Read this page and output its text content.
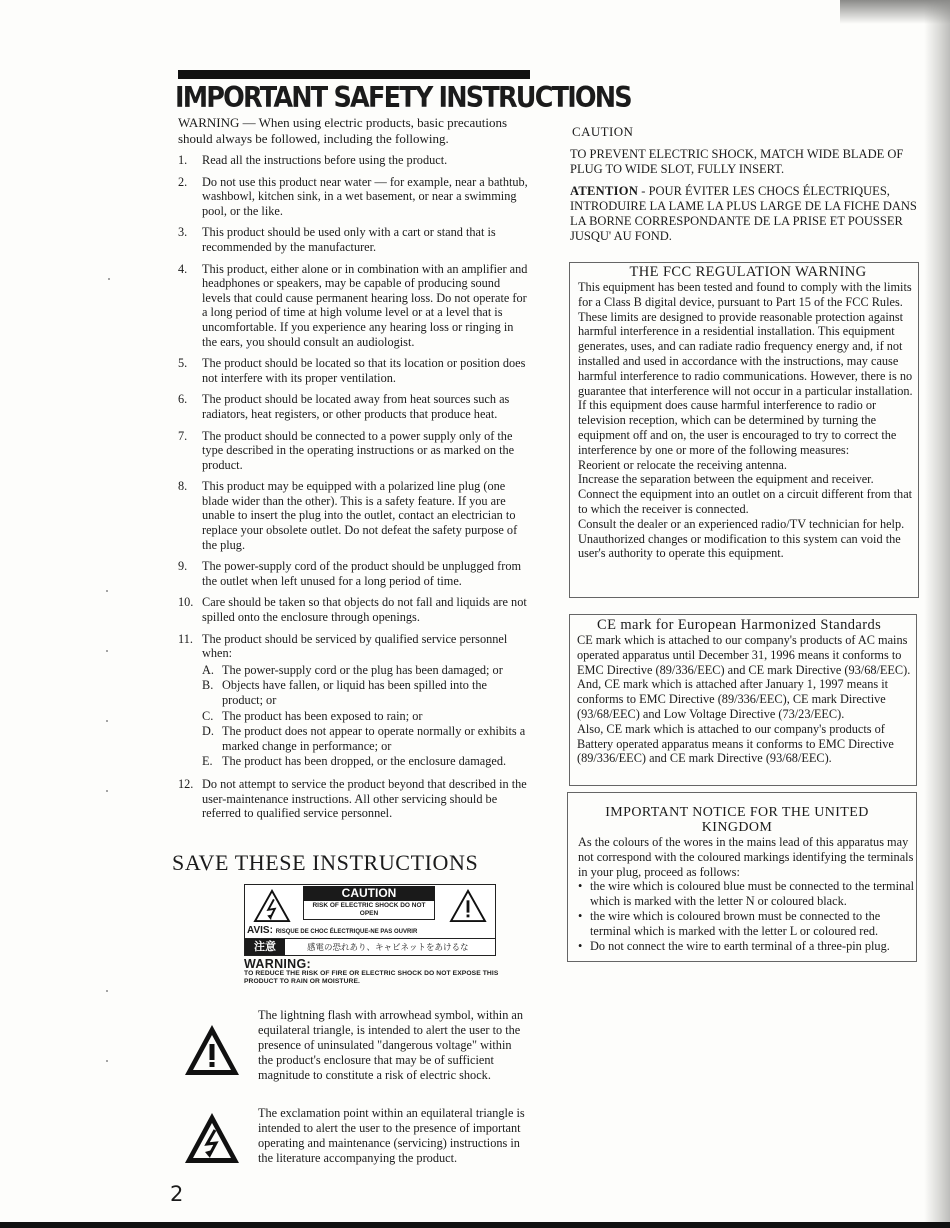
IMPORTANT SAFETY INSTRUCTIONS

WARNING — When using electric products, basic precautions should always be followed, including the following.

1.	Read all the instructions before using the product.
2.	Do not use this product near water — for example, near a bathtub, washbowl, kitchen sink, in a wet basement, or near a swimming pool, or the like.
3.	This product should be used only with a cart or stand that is recommended by the manufacturer.
4.	This product, either alone or in combination with an amplifier and headphones or speakers, may be capable of producing sound levels that could cause permanent hearing loss. Do not operate for a long period of time at high volume level or at a level that is uncomfortable. If you experience any hearing loss or ringing in the ears, you should consult an audiologist.
5.	The product should be located so that its location or position does not interfere with its proper ventilation.
6.	The product should be located away from heat sources such as radiators, heat registers, or other products that produce heat.
7.	The product should be connected to a power supply only of the type described in the operating instructions or as marked on the product.
8.	This product may be equipped with a polarized line plug (one blade wider than the other). This is a safety feature. If you are unable to insert the plug into the outlet, contact an electrician to replace your obsolete outlet. Do not defeat the safety purpose of the plug.
9.	The power-supply cord of the product should be unplugged from the outlet when left unused for a long period of time.
10. Care should be taken so that objects do not fall and liquids are not spilled onto the enclosure through openings.
11. The product should be serviced by qualified service personnel when:
A. The power-supply cord or the plug has been damaged; or
B. Objects have fallen, or liquid has been spilled into the product; or
C. The product has been exposed to rain; or
D. The product does not appear to operate normally or exhibits a marked change in performance; or
E. The product has been dropped, or the enclosure damaged.
12. Do not attempt to service the product beyond that described in the user-maintenance instructions. All other servicing should be referred to qualified service personnel.
SAVE THESE INSTRUCTIONS
CAUTION
RISK OF ELECTRIC SHOCK DO NOT OPEN
AVIS: RISQUE DE CHOC ÉLECTRIQUE-NE PAS OUVRIR
注意	感電の恐れあり、キャビネットをあけるな
WARNING:
TO REDUCE THE RISK OF FIRE OR ELECTRIC SHOCK DO NOT EXPOSE THIS PRODUCT TO RAIN OR MOISTURE.

The lightning flash with arrowhead symbol, within an equilateral triangle, is intended to alert the user to the presence of uninsulated "dangerous voltage" within the product's enclosure that may be of sufficient magnitude to constitute a risk of electric shock.

The exclamation point within an equilateral triangle is intended to alert the user to the presence of important operating and maintenance (servicing) instructions in the literature accompanying the product.

2
CAUTION
TO PREVENT ELECTRIC SHOCK, MATCH WIDE BLADE OF PLUG TO WIDE SLOT, FULLY INSERT.
ATENTION - POUR ÉVITER LES CHOCS ÉLECTRIQUES, INTRODUIRE LA LAME LA PLUS LARGE DE LA FICHE DANS LA BORNE CORRESPONDANTE DE LA PRISE ET POUSSER JUSQU' AU FOND.
THE FCC REGULATION WARNING

This equipment has been tested and found to comply with the limits for a Class B digital device, pursuant to Part 15 of the FCC Rules. These limits are designed to provide reasonable protection against harmful interference in a residential installation. This equipment generates, uses, and can radiate radio frequency energy and, if not installed and used in accordance with the instructions, may cause harmful interference to radio communications. However, there is no guarantee that interference will not occur in a particular installation. If this equipment does cause harmful interference to radio or television reception, which can be determined by turning the equipment off and on, the user is encouraged to try to correct the interference by one or more of the following measures:

Reorient or relocate the receiving antenna.

Increase the separation between the equipment and receiver.

Connect the equipment into an outlet on a circuit different from that to which the receiver is connected.

Consult the dealer or an experienced radio/TV technician for help.

Unauthorized changes or modification to this system can void the user's authority to operate this equipment.

CE mark for European Harmonized Standards

CE mark which is attached to our company's products of AC mains operated apparatus until December 31, 1996 means it conforms to EMC Directive (89/336/EEC) and CE mark Directive (93/68/EEC).

And, CE mark which is attached after January 1, 1997 means it conforms to EMC Directive (89/336/EEC), CE mark Directive (93/68/EEC) and Low Voltage Directive (73/23/EEC).

Also, CE mark which is attached to our company's products of Battery operated apparatus means it conforms to EMC Directive (89/336/EEC) and CE mark Directive (93/68/EEC).

IMPORTANT NOTICE FOR THE UNITED KINGDOM

As the colours of the wores in the mains lead of this apparatus may not correspond with the coloured markings identifying the terminals in your plug, proceed as follows:

• the wire which is coloured blue must be connected to the terminal which is marked with the letter N or coloured black.
• the wire which is coloured brown must be connected to the terminal which is marked with the letter L or coloured red.
• Do not connect the wire to earth terminal of a three-pin plug.
